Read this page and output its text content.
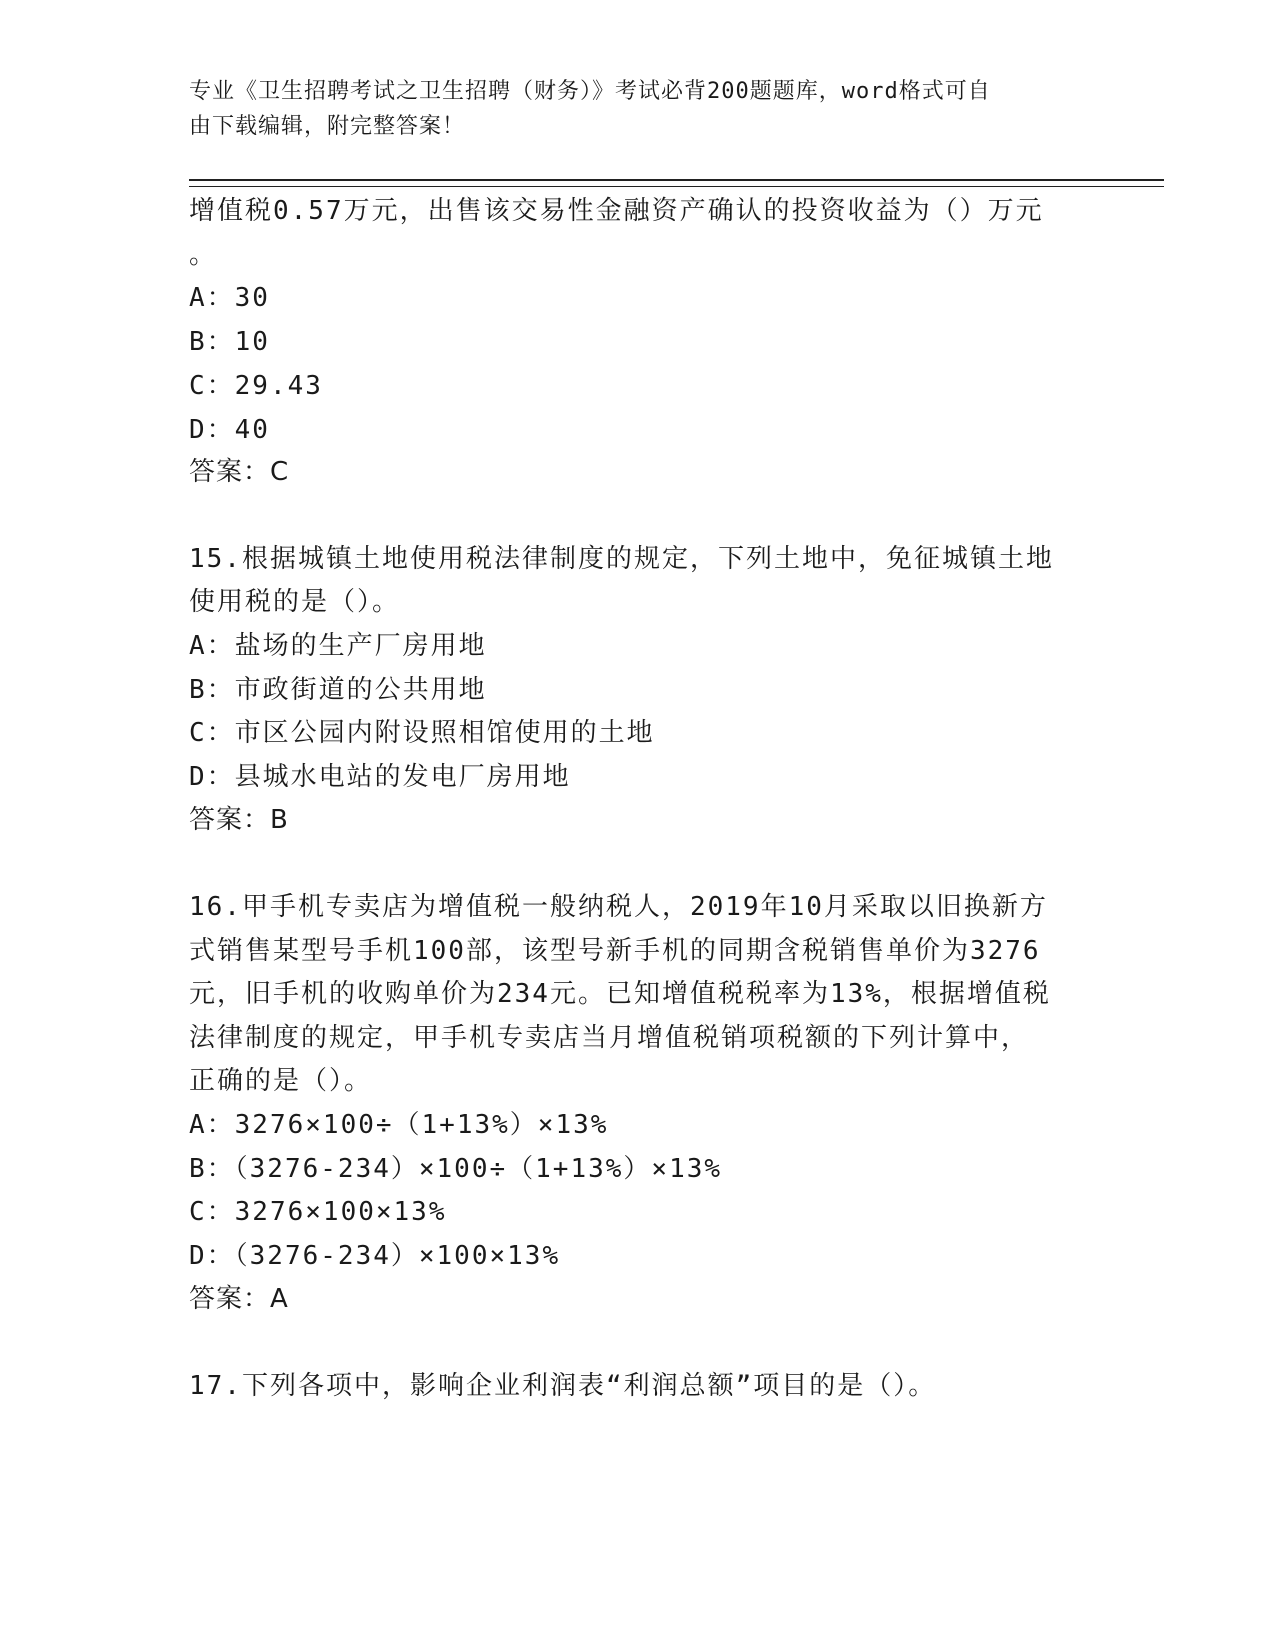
专业《卫生招聘考试之卫生招聘（财务）》考试必背200题题库，word格式可自
由下载编辑，附完整答案！
增值税0.57万元，出售该交易性金融资产确认的投资收益为（）万元
。
A：30
B：10
C：29.43
D：40
答案：C
15.根据城镇土地使用税法律制度的规定，下列土地中，免征城镇土地
使用税的是（）。
A：盐场的生产厂房用地
B：市政街道的公共用地
C：市区公园内附设照相馆使用的土地
D：县城水电站的发电厂房用地
答案：B
16.甲手机专卖店为增值税一般纳税人，2019年10月采取以旧换新方
式销售某型号手机100部，该型号新手机的同期含税销售单价为3276
元，旧手机的收购单价为234元。已知增值税税率为13%，根据增值税
法律制度的规定，甲手机专卖店当月增值税销项税额的下列计算中，
正确的是（）。
A：3276×100÷（1+13%）×13%
B：（3276-234）×100÷（1+13%）×13%
C：3276×100×13%
D：（3276-234）×100×13%
答案：A
17.下列各项中，影响企业利润表“利润总额”项目的是（）。
